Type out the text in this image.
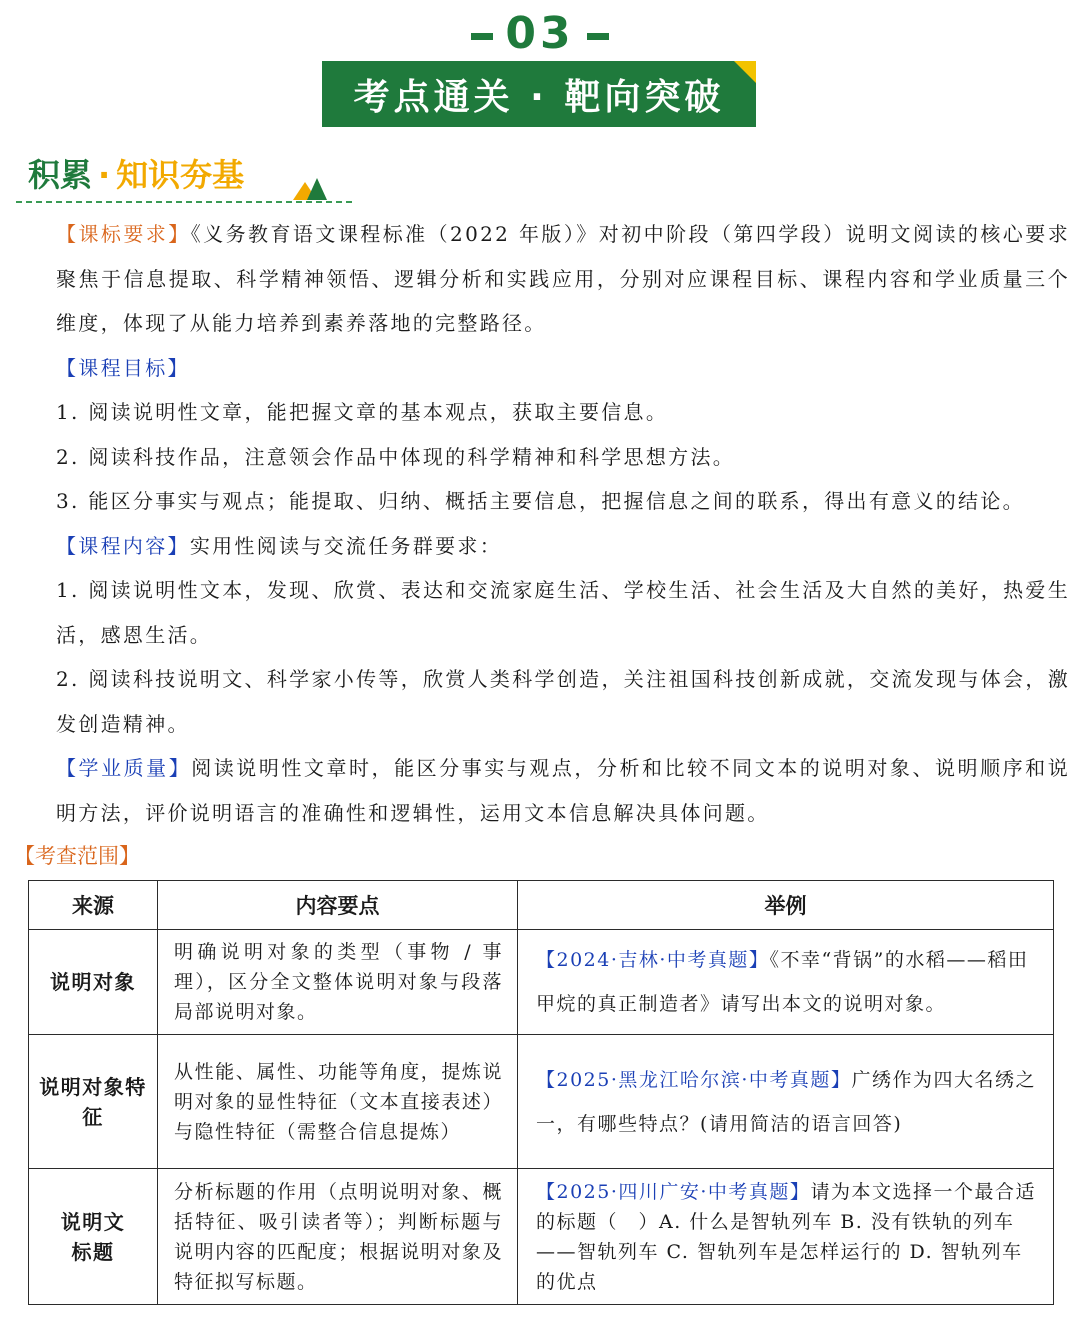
03
考点通关 · 靶向突破
积累 · 知识夯基

【课标要求】《义务教育语文课程标准（2022 年版）》对初中阶段（第四学段）说明文阅读的核心要求聚焦于信息提取、科学精神领悟、逻辑分析和实践应用，分别对应课程目标、课程内容和学业质量三个维度，体现了从能力培养到素养落地的完整路径。

【课程目标】

1. 阅读说明性文章，能把握文章的基本观点，获取主要信息。

2. 阅读科技作品，注意领会作品中体现的科学精神和科学思想方法。

3. 能区分事实与观点；能提取、归纳、概括主要信息，把握信息之间的联系，得出有意义的结论。

【课程内容】实用性阅读与交流任务群要求：

1. 阅读说明性文本，发现、欣赏、表达和交流家庭生活、学校生活、社会生活及大自然的美好，热爱生活，感恩生活。

2. 阅读科技说明文、科学家小传等，欣赏人类科学创造，关注祖国科技创新成就，交流发现与体会，激发创造精神。

【学业质量】阅读说明性文章时，能区分事实与观点，分析和比较不同文本的说明对象、说明顺序和说明方法，评价说明语言的准确性和逻辑性，运用文本信息解决具体问题。

【考查范围】
来源	内容要点	举例
说明对象	明确说明对象的类型（事物 / 事理），区分全文整体说明对象与段落局部说明对象。	【2024·吉林·中考真题】《不幸“背锅”的水稻——稻田甲烷的真正制造者》请写出本文的说明对象。
说明对象特征	从性能、属性、功能等角度，提炼说明对象的显性特征（文本直接表述）与隐性特征（需整合信息提炼）	【2025·黑龙江哈尔滨·中考真题】广绣作为四大名绣之一，有哪些特点？(请用简洁的语言回答)
说明文标题	分析标题的作用（点明说明对象、概括特征、吸引读者等）；判断标题与说明内容的匹配度；根据说明对象及特征拟写标题。	【2025·四川广安·中考真题】请为本文选择一个最合适的标题（　）A. 什么是智轨列车 B. 没有铁轨的列车——智轨列车 C. 智轨列车是怎样运行的 D. 智轨列车的优点
